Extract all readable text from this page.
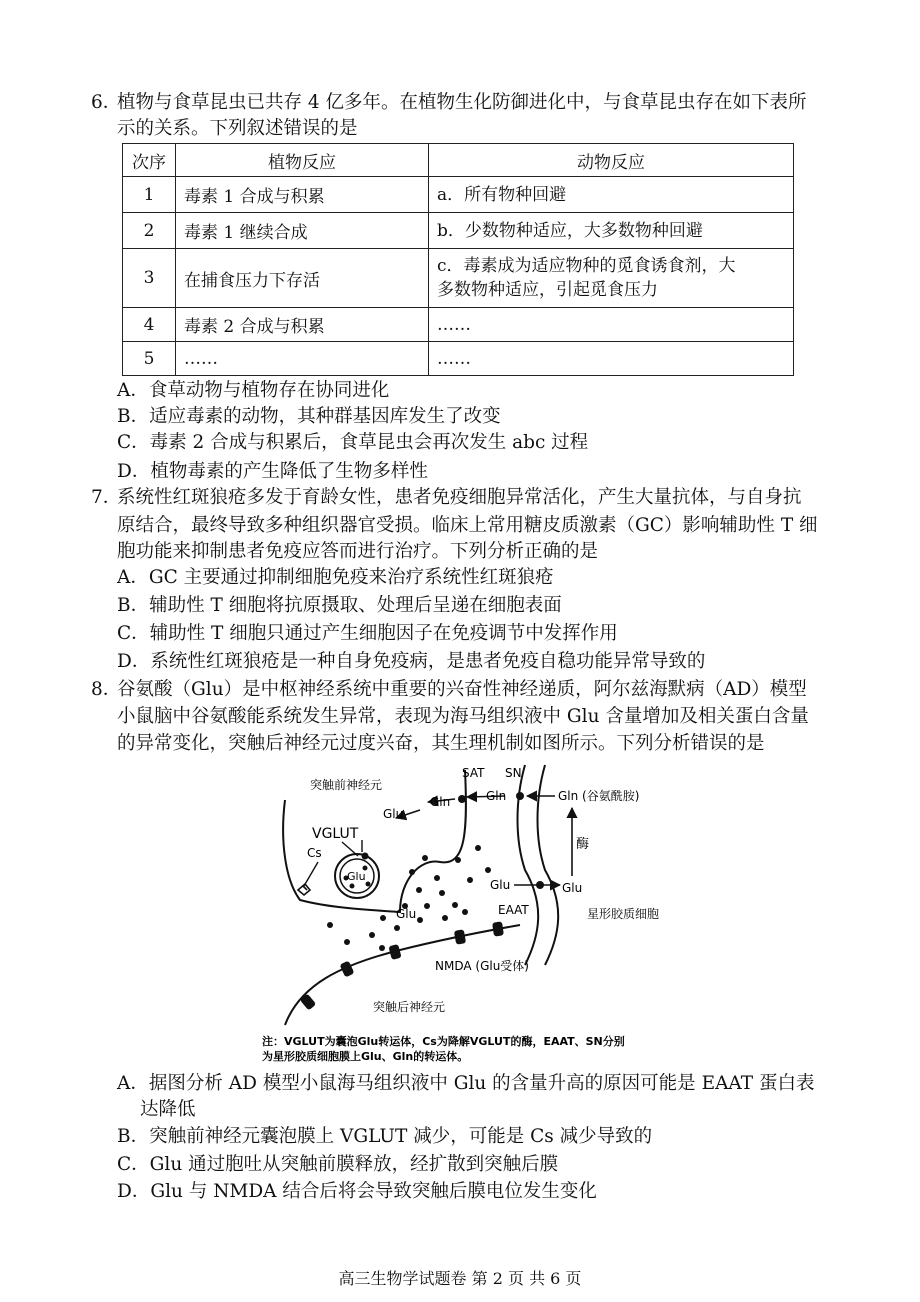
6．
植物与食草昆虫已共存 4 亿多年。在植物生化防御进化中，与食草昆虫存在如下表所
示的关系。下列叙述错误的是
次序	植物反应	动物反应
1	毒素 1 合成与积累	a．所有物种回避
2	毒素 1 继续合成	b．少数物种适应，大多数物种回避
3	在捕食压力下存活	c．毒素成为适应物种的觅食诱食剂，大
多数物种适应，引起觅食压力

4	毒素 2 合成与积累	……
5	……	……
A．食草动物与植物存在协同进化
B．适应毒素的动物，其种群基因库发生了改变
C．毒素 2 合成与积累后，食草昆虫会再次发生 abc 过程
D．植物毒素的产生降低了生物多样性
7．
系统性红斑狼疮多发于育龄女性，患者免疫细胞异常活化，产生大量抗体，与自身抗
原结合，最终导致多种组织器官受损。临床上常用糖皮质激素（GC）影响辅助性 T 细
胞功能来抑制患者免疫应答而进行治疗。下列分析正确的是
A．GC 主要通过抑制细胞免疫来治疗系统性红斑狼疮
B．辅助性 T 细胞将抗原摄取、处理后呈递在细胞表面
C．辅助性 T 细胞只通过产生细胞因子在免疫调节中发挥作用
D．系统性红斑狼疮是一种自身免疫病，是患者免疫自稳功能异常导致的
8．
谷氨酸（Glu）是中枢神经系统中重要的兴奋性神经递质，阿尔兹海默病（AD）模型
小鼠脑中谷氨酸能系统发生异常，表现为海马组织液中 Glu 含量增加及相关蛋白含量
的异常变化，突触后神经元过度兴奋，其生理机制如图所示。下列分析错误的是
突触前神经元
SAT SN
Gln	Gln	Gln (谷氨酰胺)
Glu
VGLUT
Cs
Glu
酶
Glu	Glu
EAAT
Glu	星形胶质细胞
NMDA (Glu受体)
突触后神经元
注：VGLUT为囊泡Glu转运体，Cs为降解VGLUT的酶，EAAT、SN分别
为星形胶质细胞膜上Glu、Gln的转运体。
A．据图分析 AD 模型小鼠海马组织液中 Glu 的含量升高的原因可能是 EAAT 蛋白表
达降低
B．突触前神经元囊泡膜上 VGLUT 减少，可能是 Cs 减少导致的
C．Glu 通过胞吐从突触前膜释放，经扩散到突触后膜
D．Glu 与 NMDA 结合后将会导致突触后膜电位发生变化
高三生物学试题卷 第 2 页 共 6 页
